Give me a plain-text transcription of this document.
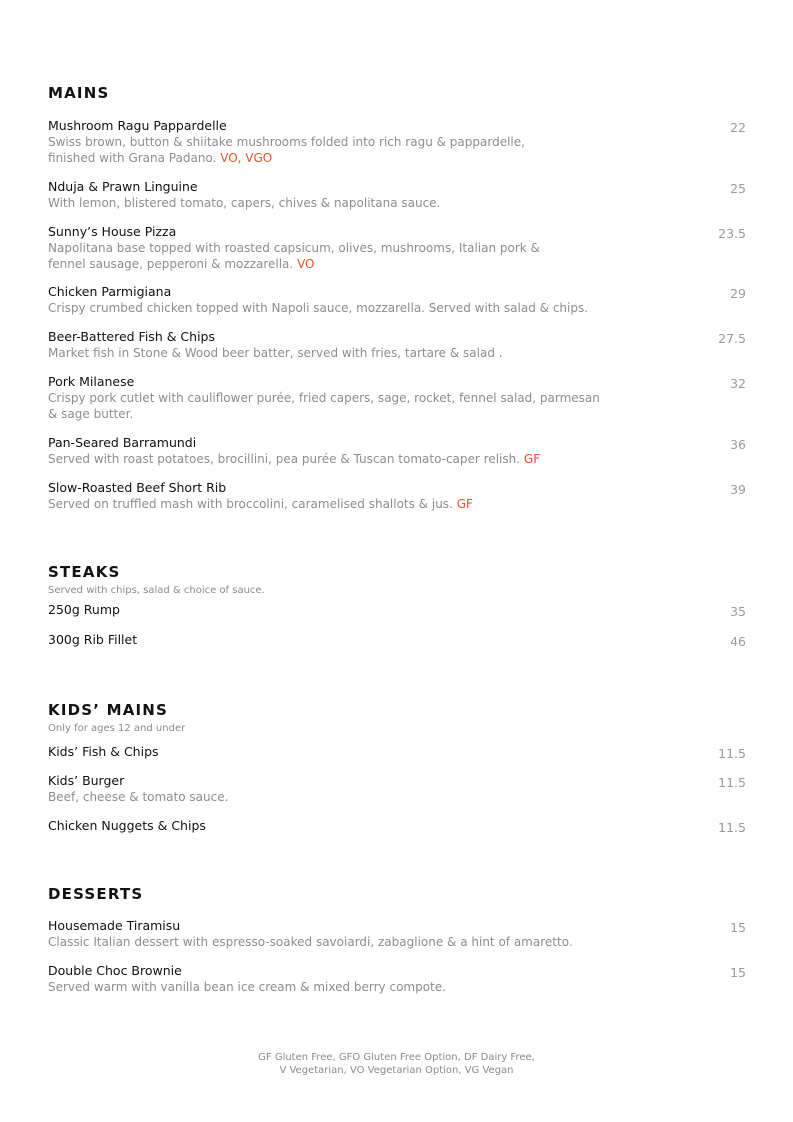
MAINS
Mushroom Ragu Pappardelle
Swiss brown, button & shiitake mushrooms folded into rich ragu & pappardelle,
finished with Grana Padano. VO, VGO
22
Nduja & Prawn Linguine
With lemon, blistered tomato, capers, chives & napolitana sauce.
25
Sunny’s House Pizza
Napolitana base topped with roasted capsicum, olives, mushrooms, Italian pork &
fennel sausage, pepperoni & mozzarella. VO
23.5
Chicken Parmigiana
Crispy crumbed chicken topped with Napoli sauce, mozzarella. Served with salad & chips.
29
Beer-Battered Fish & Chips
Market fish in Stone & Wood beer batter, served with fries, tartare & salad .
27.5
Pork Milanese
Crispy pork cutlet with cauliflower purée, fried capers, sage, rocket, fennel salad, parmesan
& sage butter.
32
Pan-Seared Barramundi
Served with roast potatoes, brocillini, pea purée & Tuscan tomato-caper relish. GF
36
Slow-Roasted Beef Short Rib
Served on truffled mash with broccolini, caramelised shallots & jus. GF
39
STEAKS
Served with chips, salad & choice of sauce.
250g Rump	35
300g Rib Fillet	46
KIDS’ MAINS
Only for ages 12 and under
Kids’ Fish & Chips	11.5
Kids’ Burger
Beef, cheese & tomato sauce.
11.5
Chicken Nuggets & Chips	11.5
DESSERTS
Housemade Tiramisu
Classic Italian dessert with espresso-soaked savoiardi, zabaglione & a hint of amaretto.
15
Double Choc Brownie
Served warm with vanilla bean ice cream & mixed berry compote.
15
GF Gluten Free, GFO Gluten Free Option, DF Dairy Free,
V Vegetarian, VO Vegetarian Option, VG Vegan
